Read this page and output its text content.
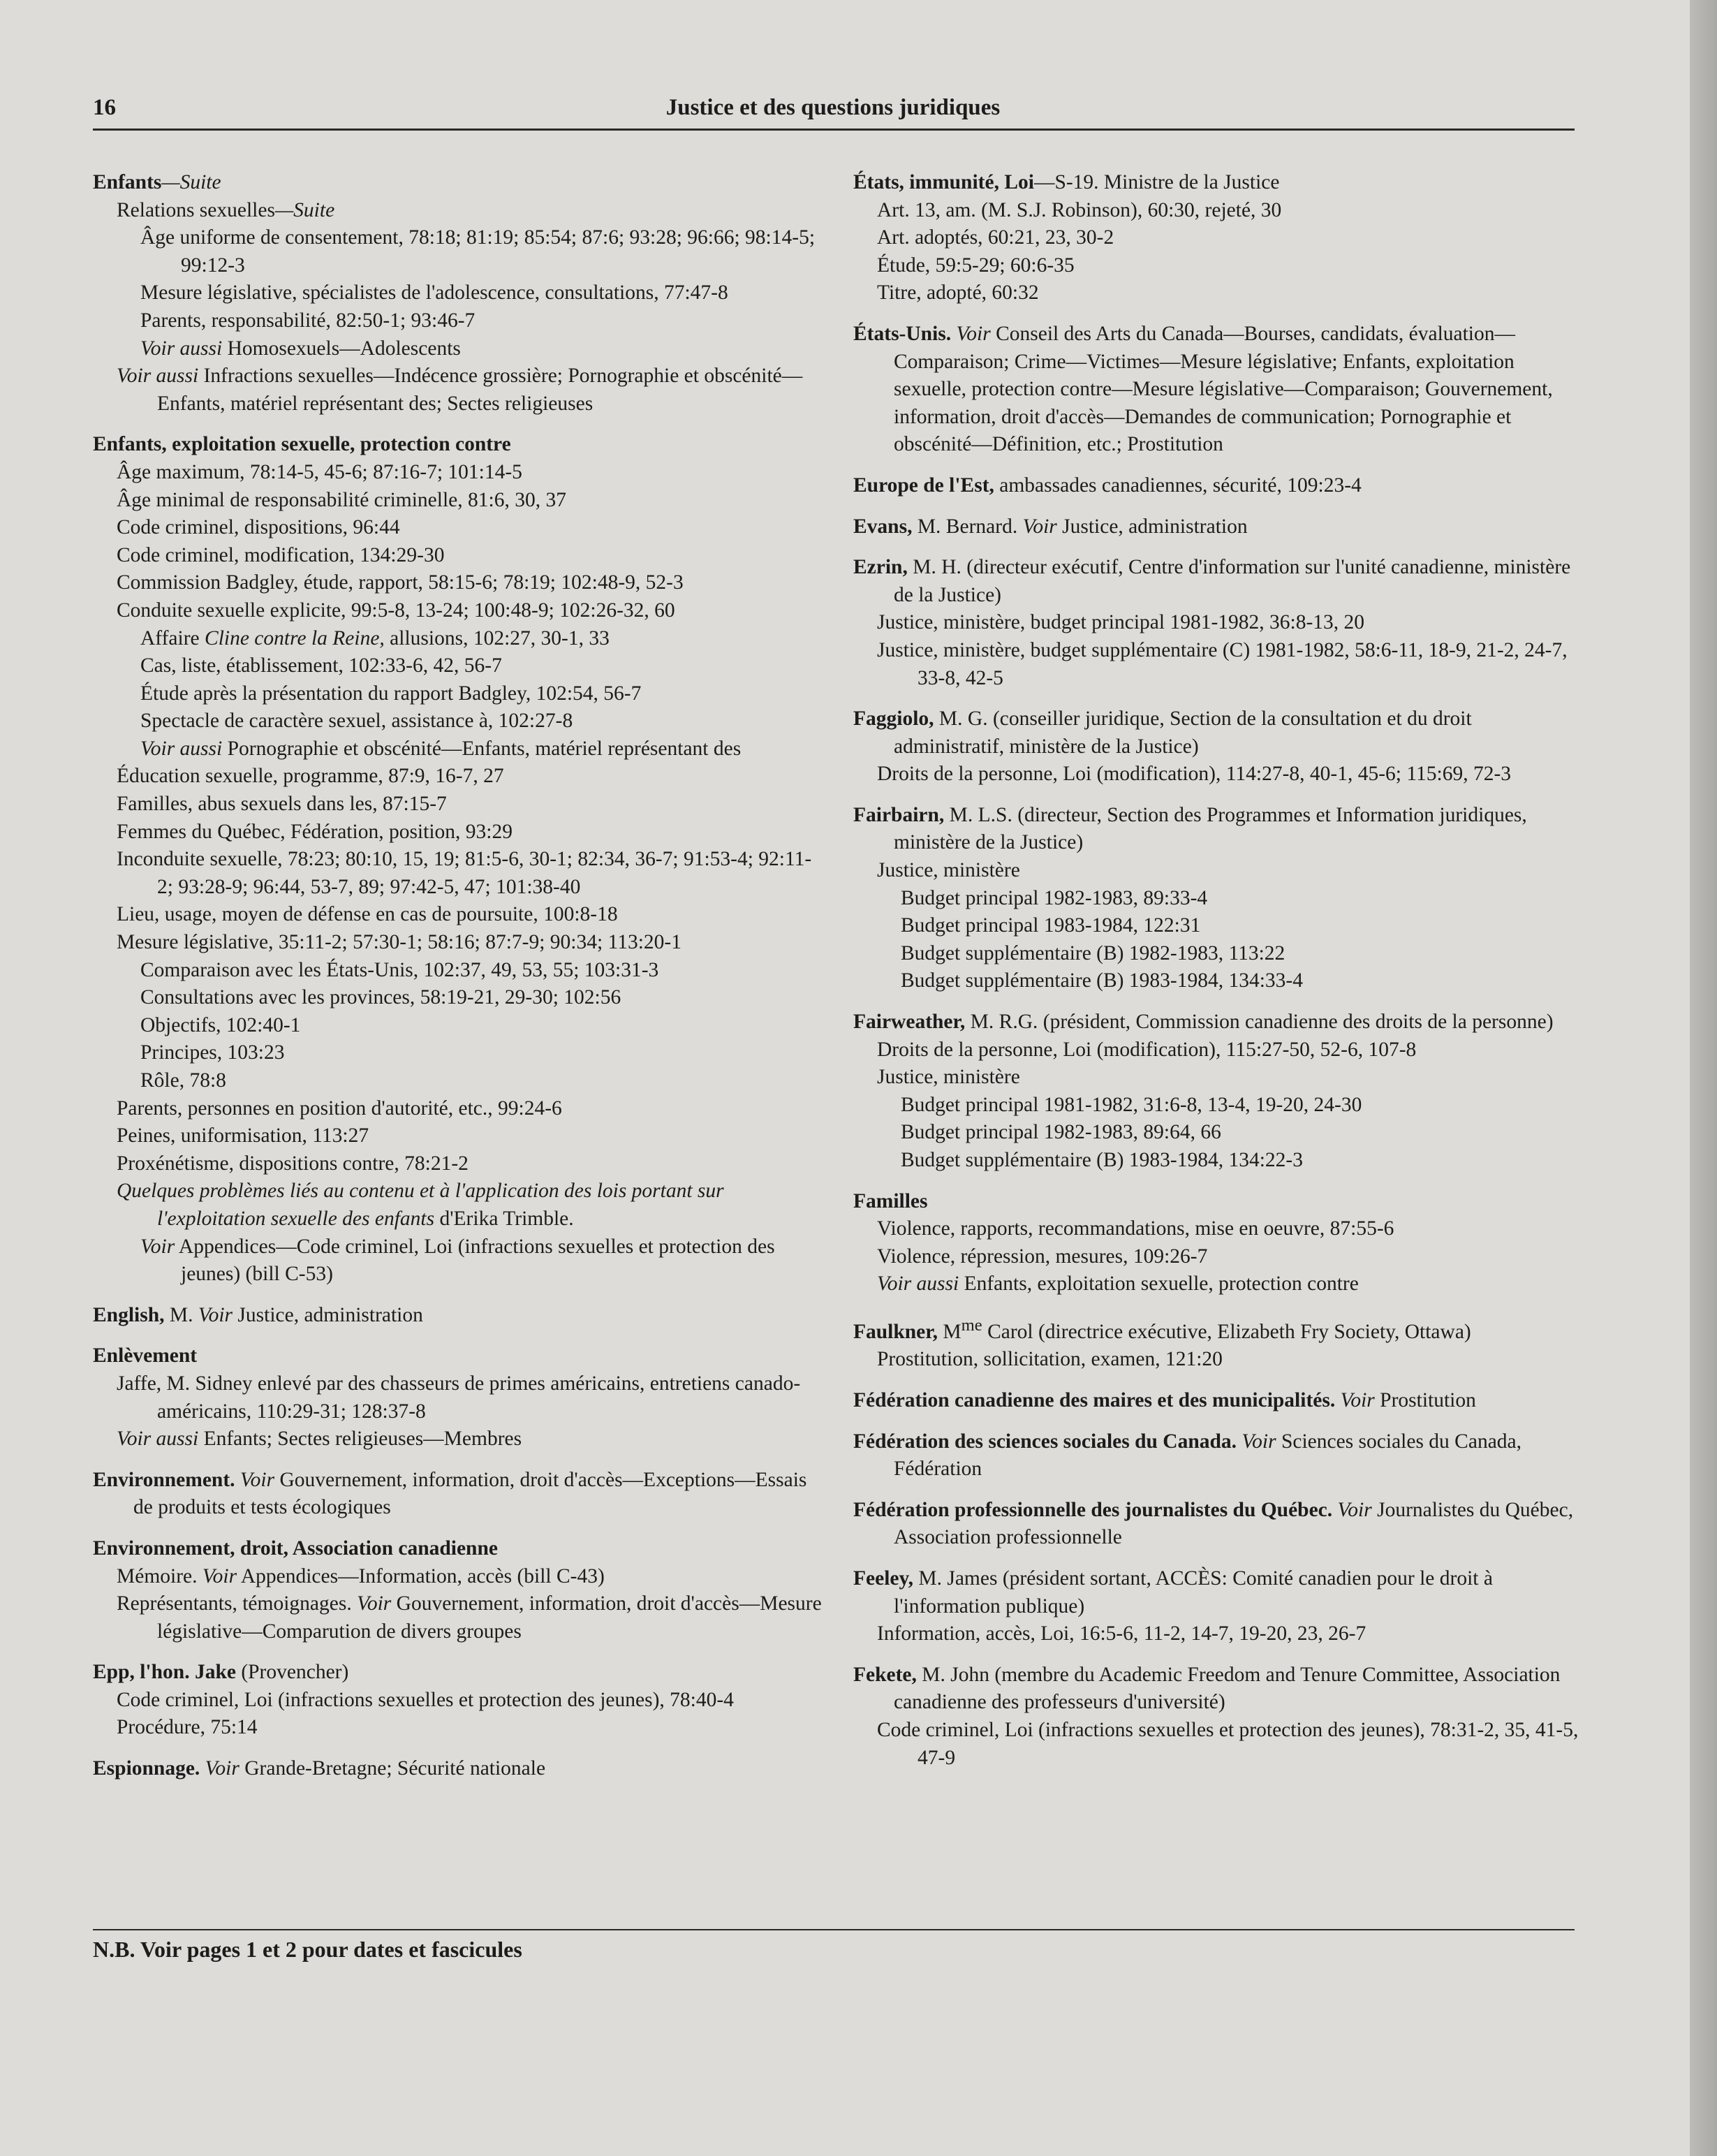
16	Justice et des questions juridiques
Enfants—Suite
Relations sexuelles—Suite
Âge uniforme de consentement, 78:18; 81:19; 85:54; 87:6; 93:28; 96:66; 98:14-5; 99:12-3
Mesure législative, spécialistes de l'adolescence, consultations, 77:47-8
Parents, responsabilité, 82:50-1; 93:46-7
Voir aussi Homosexuels—Adolescents
Voir aussi Infractions sexuelles—Indécence grossière; Pornographie et obscénité—Enfants, matériel représentant des; Sectes religieuses
Enfants, exploitation sexuelle, protection contre
Âge maximum, 78:14-5, 45-6; 87:16-7; 101:14-5
Âge minimal de responsabilité criminelle, 81:6, 30, 37
Code criminel, dispositions, 96:44
Code criminel, modification, 134:29-30
Commission Badgley, étude, rapport, 58:15-6; 78:19; 102:48-9, 52-3
Conduite sexuelle explicite, 99:5-8, 13-24; 100:48-9; 102:26-32, 60
Affaire Cline contre la Reine, allusions, 102:27, 30-1, 33
Cas, liste, établissement, 102:33-6, 42, 56-7
Étude après la présentation du rapport Badgley, 102:54, 56-7
Spectacle de caractère sexuel, assistance à, 102:27-8
Voir aussi Pornographie et obscénité—Enfants, matériel représentant des
Éducation sexuelle, programme, 87:9, 16-7, 27
Familles, abus sexuels dans les, 87:15-7
Femmes du Québec, Fédération, position, 93:29
Inconduite sexuelle, 78:23; 80:10, 15, 19; 81:5-6, 30-1; 82:34, 36-7; 91:53-4; 92:11-2; 93:28-9; 96:44, 53-7, 89; 97:42-5, 47; 101:38-40
Lieu, usage, moyen de défense en cas de poursuite, 100:8-18
Mesure législative, 35:11-2; 57:30-1; 58:16; 87:7-9; 90:34; 113:20-1
Comparaison avec les États-Unis, 102:37, 49, 53, 55; 103:31-3
Consultations avec les provinces, 58:19-21, 29-30; 102:56
Objectifs, 102:40-1
Principes, 103:23
Rôle, 78:8
Parents, personnes en position d'autorité, etc., 99:24-6
Peines, uniformisation, 113:27
Proxénétisme, dispositions contre, 78:21-2
Quelques problèmes liés au contenu et à l'application des lois portant sur l'exploitation sexuelle des enfants d'Erika Trimble.
Voir Appendices—Code criminel, Loi (infractions sexuelles et protection des jeunes) (bill C-53)
English, M. Voir Justice, administration
Enlèvement
Jaffe, M. Sidney enlevé par des chasseurs de primes américains, entretiens canado-américains, 110:29-31; 128:37-8
Voir aussi Enfants; Sectes religieuses—Membres
Environnement. Voir Gouvernement, information, droit d'accès—Exceptions—Essais de produits et tests écologiques
Environnement, droit, Association canadienne
Mémoire. Voir Appendices—Information, accès (bill C-43)
Représentants, témoignages. Voir Gouvernement, information, droit d'accès—Mesure législative—Comparution de divers groupes
Epp, l'hon. Jake (Provencher)
Code criminel, Loi (infractions sexuelles et protection des jeunes), 78:40-4
Procédure, 75:14
Espionnage. Voir Grande-Bretagne; Sécurité nationale
États, immunité, Loi—S-19. Ministre de la Justice
Art. 13, am. (M. S.J. Robinson), 60:30, rejeté, 30
Art. adoptés, 60:21, 23, 30-2
Étude, 59:5-29; 60:6-35
Titre, adopté, 60:32
États-Unis. Voir Conseil des Arts du Canada—Bourses, candidats, évaluation—Comparaison; Crime—Victimes—Mesure législative; Enfants, exploitation sexuelle, protection contre—Mesure législative—Comparaison; Gouvernement, information, droit d'accès—Demandes de communication; Pornographie et obscénité—Définition, etc.; Prostitution
Europe de l'Est, ambassades canadiennes, sécurité, 109:23-4
Evans, M. Bernard. Voir Justice, administration
Ezrin, M. H. (directeur exécutif, Centre d'information sur l'unité canadienne, ministère de la Justice)
Justice, ministère, budget principal 1981-1982, 36:8-13, 20
Justice, ministère, budget supplémentaire (C) 1981-1982, 58:6-11, 18-9, 21-2, 24-7, 33-8, 42-5
Faggiolo, M. G. (conseiller juridique, Section de la consultation et du droit administratif, ministère de la Justice)
Droits de la personne, Loi (modification), 114:27-8, 40-1, 45-6; 115:69, 72-3
Fairbairn, M. L.S. (directeur, Section des Programmes et Information juridiques, ministère de la Justice)
Justice, ministère
Budget principal 1982-1983, 89:33-4
Budget principal 1983-1984, 122:31
Budget supplémentaire (B) 1982-1983, 113:22
Budget supplémentaire (B) 1983-1984, 134:33-4
Fairweather, M. R.G. (président, Commission canadienne des droits de la personne)
Droits de la personne, Loi (modification), 115:27-50, 52-6, 107-8
Justice, ministère
Budget principal 1981-1982, 31:6-8, 13-4, 19-20, 24-30
Budget principal 1982-1983, 89:64, 66
Budget supplémentaire (B) 1983-1984, 134:22-3
Familles
Violence, rapports, recommandations, mise en oeuvre, 87:55-6
Violence, répression, mesures, 109:26-7
Voir aussi Enfants, exploitation sexuelle, protection contre
Faulkner, $M^{me}$ Carol (directrice exécutive, Elizabeth Fry Society, Ottawa)
Prostitution, sollicitation, examen, 121:20
Fédération canadienne des maires et des municipalités. Voir Prostitution
Fédération des sciences sociales du Canada. Voir Sciences sociales du Canada, Fédération
Fédération professionnelle des journalistes du Québec. Voir Journalistes du Québec, Association professionnelle
Feeley, M. James (président sortant, ACCÈS: Comité canadien pour le droit à l'information publique)
Information, accès, Loi, 16:5-6, 11-2, 14-7, 19-20, 23, 26-7
Fekete, M. John (membre du Academic Freedom and Tenure Committee, Association canadienne des professeurs d'université)
Code criminel, Loi (infractions sexuelles et protection des jeunes), 78:31-2, 35, 41-5, 47-9
N.B. Voir pages 1 et 2 pour dates et fascicules
